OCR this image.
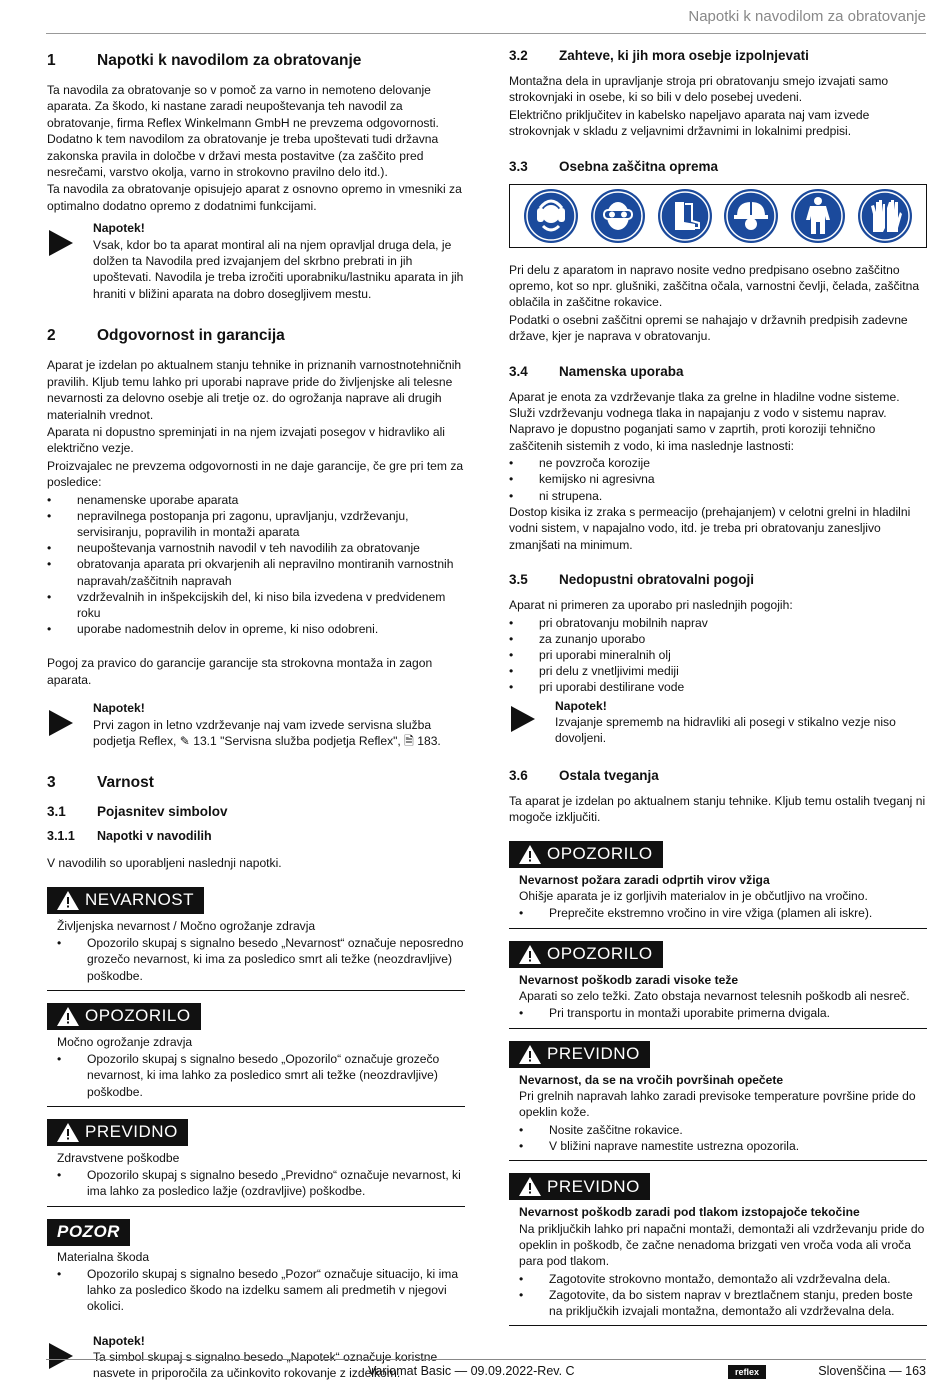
Napotki k navodilom za obratovanje
1	Napotki k navodilom za obratovanje

Ta navodila za obratovanje so v pomoč za varno in nemoteno delovanje aparata. Za škodo, ki nastane zaradi neupoštevanja teh navodil za obratovanje, firma Reflex Winkelmann GmbH ne prevzema odgovornosti. Dodatno k tem navodilom za obratovanje je treba upoštevati tudi državna zakonska pravila in določbe v državi mesta postavitve (za zaščito pred nesrečami, varstvo okolja, varno in strokovno pravilno delo itd.).

Ta navodila za obratovanje opisujejo aparat z osnovno opremo in vmesniki za optimalno dodatno opremo z dodatnimi funkcijami.

Napotek!

Vsak, kdor bo ta aparat montiral ali na njem opravljal druga dela, je dolžen ta Navodila pred izvajanjem del skrbno prebrati in jih upoštevati. Navodila je treba izročiti uporabniku/lastniku aparata in jih hraniti v bližini aparata na dobro dosegljivem mestu.

2	Odgovornost in garancija

Aparat je izdelan po aktualnem stanju tehnike in priznanih varnostnotehničnih pravilih. Kljub temu lahko pri uporabi naprave pride do življenjske ali telesne nevarnosti za delovno osebje ali tretje oz. do ogrožanja naprave ali drugih materialnih vrednot.

Aparata ni dopustno spreminjati in na njem izvajati posegov v hidravliko ali električno vezje.

Proizvajalec ne prevzema odgovornosti in ne daje garancije, če gre pri tem za posledice:

• nenamenske uporabe aparata
• nepravilnega postopanja pri zagonu, upravljanju, vzdrževanju, servisiranju, popravilih in montaži aparata
• neupoštevanja varnostnih navodil v teh navodilih za obratovanje
• obratovanja aparata pri okvarjenih ali nepravilno montiranih varnostnih napravah/zaščitnih napravah
• vzdrževalnih in inšpekcijskih del, ki niso bila izvedena v predvidenem roku
• uporabe nadomestnih delov in opreme, ki niso odobreni.

Pogoj za pravico do garancije garancije sta strokovna montaža in zagon aparata.

Napotek!

Prvi zagon in letno vzdrževanje naj vam izvede servisna služba podjetja Reflex, ✎ 13.1 "Servisna služba podjetja Reflex", 🗎 183.

3	Varnost
3.1	Pojasnitev simbolov
3.1.1	Napotki v navodilih

V navodilih so uporabljeni naslednji napotki.

NEVARNOST

Življenjska nevarnost / Močno ogrožanje zdravja

• Opozorilo skupaj s signalno besedo „Nevarnost“ označuje neposredno grozečo nevarnost, ki ima za posledico smrt ali težke (neozdravljive) poškodbe.
OPOZORILO

Močno ogrožanje zdravja

• Opozorilo skupaj s signalno besedo „Opozorilo“ označuje grozečo nevarnost, ki ima lahko za posledico smrt ali težke (neozdravljive) poškodbe.
PREVIDNO

Zdravstvene poškodbe

• Opozorilo skupaj s signalno besedo „Previdno“ označuje nevarnost, ki ima lahko za posledico lažje (ozdravljive) poškodbe.
POZOR

Materialna škoda

• Opozorilo skupaj s signalno besedo „Pozor“ označuje situacijo, ki ima lahko za posledico škodo na izdelku samem ali predmetih v njegovi okolici.
Napotek!

Ta simbol skupaj s signalno besedo „Napotek“ označuje koristne nasvete in priporočila za učinkovito rokovanje z izdelkom.

3.2	Zahteve, ki jih mora osebje izpolnjevati

Montažna dela in upravljanje stroja pri obratovanju smejo izvajati samo strokovnjaki in osebe, ki so bili v delo posebej uvedeni.

Električno priključitev in kabelsko napeljavo aparata naj vam izvede strokovnjak v skladu z veljavnimi državnimi in lokalnimi predpisi.

3.3	Osebna zaščitna oprema

Pri delu z aparatom in napravo nosite vedno predpisano osebno zaščitno opremo, kot so npr. glušniki, zaščitna očala, varnostni čevlji, čelada, zaščitna oblačila in zaščitne rokavice.

Podatki o osebni zaščitni opremi se nahajajo v državnih predpisih zadevne države, kjer je naprava v obratovanju.

3.4	Namenska uporaba

Aparat je enota za vzdrževanje tlaka za grelne in hladilne vodne sisteme. Služi vzdrževanju vodnega tlaka in napajanju z vodo v sistemu naprav. Napravo je dopustno poganjati samo v zaprtih, proti koroziji tehnično zaščitenih sistemih z vodo, ki ima naslednje lastnosti:

• ne povzroča korozije
• kemijsko ni agresivna
• ni strupena.

Dostop kisika iz zraka s permeacijo (prehajanjem) v celotni grelni in hladilni vodni sistem, v napajalno vodo, itd. je treba pri obratovanju zanesljivo zmanjšati na minimum.

3.5	Nedopustni obratovalni pogoji

Aparat ni primeren za uporabo pri naslednjih pogojih:

• pri obratovanju mobilnih naprav
• za zunanjo uporabo
• pri uporabi mineralnih olj
• pri delu z vnetljivimi mediji
• pri uporabi destilirane vode
Napotek!

Izvajanje sprememb na hidravliki ali posegi v stikalno vezje niso dovoljeni.

3.6	Ostala tveganja

Ta aparat je izdelan po aktualnem stanju tehnike. Kljub temu ostalih tveganj ni mogoče izključiti.

OPOZORILO
Nevarnost požara zaradi odprtih virov vžiga

Ohišje aparata je iz gorljivih materialov in je občutljivo na vročino.

• Preprečite ekstremno vročino in vire vžiga (plamen ali iskre).
OPOZORILO
Nevarnost poškodb zaradi visoke teže

Aparati so zelo težki. Zato obstaja nevarnost telesnih poškodb ali nesreč.

• Pri transportu in montaži uporabite primerna dvigala.
PREVIDNO
Nevarnost, da se na vročih površinah opečete

Pri grelnih napravah lahko zaradi previsoke temperature površine pride do opeklin kože.

• Nosite zaščitne rokavice.
• V bližini naprave namestite ustrezna opozorila.
PREVIDNO
Nevarnost poškodb zaradi pod tlakom izstopajoče tekočine

Na priključkih lahko pri napačni montaži, demontaži ali vzdrževanju pride do opeklin in poškodb, če začne nenadoma brizgati ven vroča voda ali vroča para pod tlakom.

• Zagotovite strokovno montažo, demontažo ali vzdrževalna dela.
• Zagotovite, da bo sistem naprav v breztlačnem stanju, preden boste na priključkih izvajali montažna, demontažo ali vzdrževalna dela.
Variomat Basic — 09.09.2022-Rev. C	reflex	Slovenščina — 163
